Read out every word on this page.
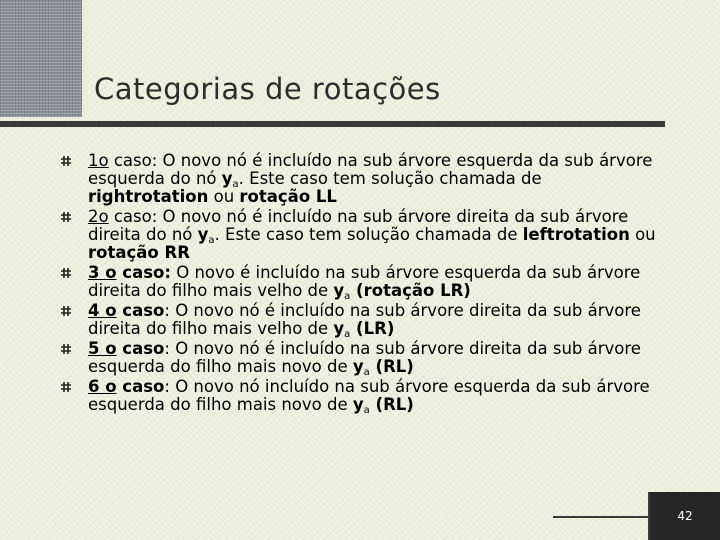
Categorias de rotações
1o caso: O novo nó é incluído na sub árvore esquerda da sub árvore esquerda do nó $y_a$. Este caso tem solução chamada de rightrotation ou rotação LL
2o caso: O novo nó é incluído na sub árvore direita da sub árvore direita do nó $y_a$. Este caso tem solução chamada de leftrotation ou rotação RR
3 o caso: O novo é incluído na sub árvore esquerda da sub árvore direita do filho mais velho de $y_a$ (rotação LR)
4 o caso: O novo nó é incluído na sub árvore direita da sub árvore direita do filho mais velho de $y_a$ (LR)
5 o caso: O novo nó é incluído na sub árvore direita da sub árvore esquerda do filho mais novo de $y_a$ (RL)
6 o caso: O novo nó incluído na sub árvore esquerda da sub árvore esquerda do filho mais novo de $y_a$ (RL)
42
